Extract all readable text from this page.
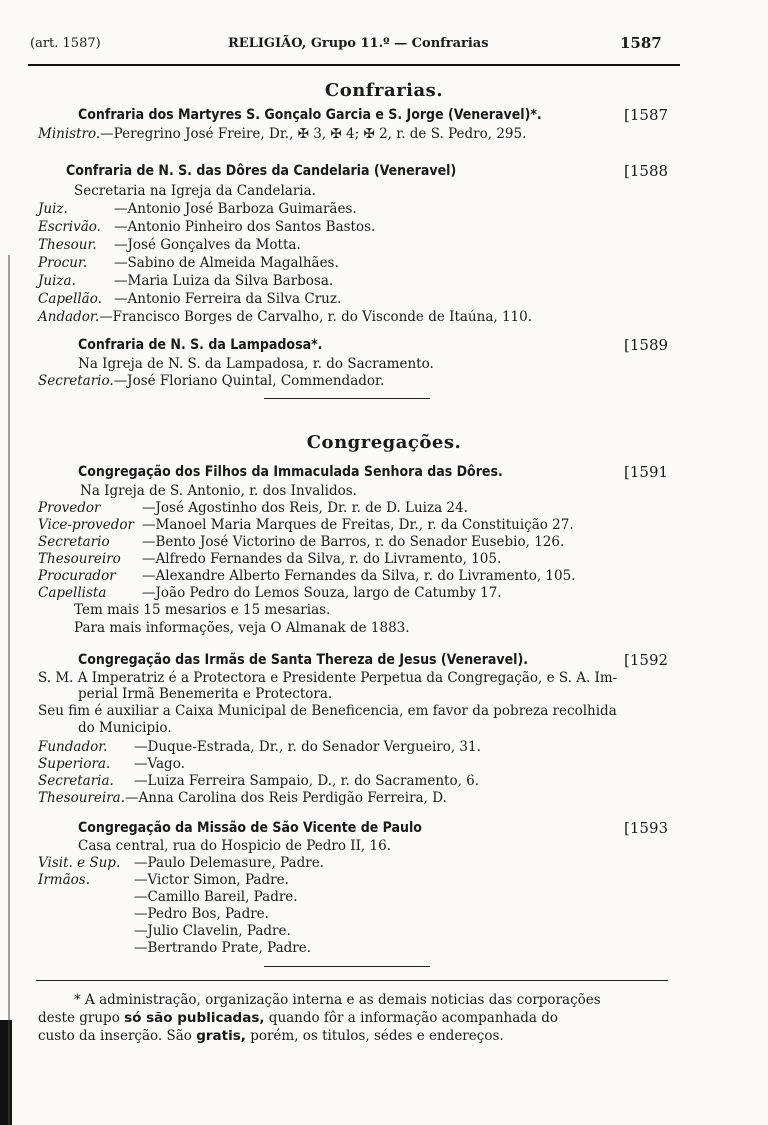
(art. 1587)	RELIGIÃO, Grupo 11.º — Confrarias	1587
Confrarias.
Confraria dos Martyres S. Gonçalo Garcia e S. Jorge (Veneravel)*.	[1587
Ministro.—Peregrino José Freire, Dr., ✠ 3, ✠ 4; ✠ 2, r. de S. Pedro, 295.
Confraria de N. S. das Dôres da Candelaria (Veneravel)	[1588
Secretaria na Igreja da Candelaria.
Juiz.	—Antonio José Barboza Guimarães.
Escrivão. —Antonio Pinheiro dos Santos Bastos.
Thesour. —José Gonçalves da Motta.
Procur. —Sabino de Almeida Magalhães.
Juiza.	—Maria Luiza da Silva Barbosa.
Capellão. —Antonio Ferreira da Silva Cruz.
Andador.—Francisco Borges de Carvalho, r. do Visconde de Itaúna, 110.
Confraria de N. S. da Lampadosa*.	[1589
Na Igreja de N. S. da Lampadosa, r. do Sacramento.
Secretario.—José Floriano Quintal, Commendador.
Congregações.
Congregação dos Filhos da Immaculada Senhora das Dôres.	[1591
Na Igreja de S. Antonio, r. dos Invalidos.
Provedor	—José Agostinho dos Reis, Dr. r. de D. Luiza 24.
Vice-provedor —Manoel Maria Marques de Freitas, Dr., r. da Constituição 27.
Secretario —Bento José Victorino de Barros, r. do Senador Eusebio, 126.
Thesoureiro —Alfredo Fernandes da Silva, r. do Livramento, 105.
Procurador —Alexandre Alberto Fernandes da Silva, r. do Livramento, 105.
Capellista	—João Pedro do Lemos Souza, largo de Catumby 17.
Tem mais 15 mesarios e 15 mesarias.
Para mais informações, veja O Almanak de 1883.
Congregação das Irmãs de Santa Thereza de Jesus (Veneravel).	[1592
S. M. A Imperatriz é a Protectora e Presidente Perpetua da Congregação, e S. A. Im-
perial Irmã Benemerita e Protectora.
Seu fim é auxiliar a Caixa Municipal de Beneficencia, em favor da pobreza recolhida
do Municipio.
Fundador. —Duque-Estrada, Dr., r. do Senador Vergueiro, 31.
Superiora. —Vago.
Secretaria. —Luiza Ferreira Sampaio, D., r. do Sacramento, 6.
Thesoureira.—Anna Carolina dos Reis Perdigão Ferreira, D.
Congregação da Missão de São Vicente de Paulo	[1593
Casa central, rua do Hospicio de Pedro II, 16.
Visit. e Sup. —Paulo Delemasure, Padre.
Irmãos.	—Victor Simon, Padre.
—Camillo Bareil, Padre.
—Pedro Bos, Padre.
—Julio Clavelin, Padre.
—Bertrando Prate, Padre.
* A administração, organização interna e as demais noticias das corporações
deste grupo só são publicadas, quando fôr a informação acompanhada do
custo da inserção. São gratis, porém, os titulos, sédes e endereços.
